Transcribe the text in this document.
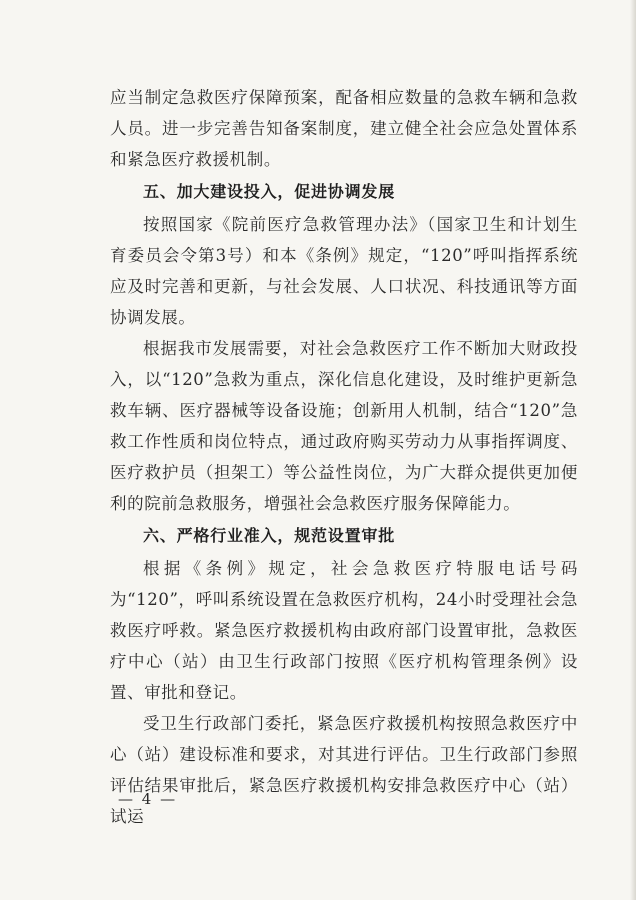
应当制定急救医疗保障预案，配备相应数量的急救车辆和急救人员。进一步完善告知备案制度，建立健全社会应急处置体系和紧急医疗救援机制。

五、加大建设投入，促进协调发展

按照国家《院前医疗急救管理办法》（国家卫生和计划生育委员会令第3号）和本《条例》规定，“120”呼叫指挥系统应及时完善和更新，与社会发展、人口状况、科技通讯等方面协调发展。

根据我市发展需要，对社会急救医疗工作不断加大财政投入，以“120”急救为重点，深化信息化建设，及时维护更新急救车辆、医疗器械等设备设施；创新用人机制，结合“120”急救工作性质和岗位特点，通过政府购买劳动力从事指挥调度、医疗救护员（担架工）等公益性岗位，为广大群众提供更加便利的院前急救服务，增强社会急救医疗服务保障能力。

六、严格行业准入，规范设置审批

根据《条例》规定，社会急救医疗特服电话号码为“120”，呼叫系统设置在急救医疗机构，24小时受理社会急救医疗呼救。紧急医疗救援机构由政府部门设置审批，急救医疗中心（站）由卫生行政部门按照《医疗机构管理条例》设置、审批和登记。

受卫生行政部门委托，紧急医疗救援机构按照急救医疗中心（站）建设标准和要求，对其进行评估。卫生行政部门参照评估结果审批后，紧急医疗救援机构安排急救医疗中心（站）试运

— 4 —
